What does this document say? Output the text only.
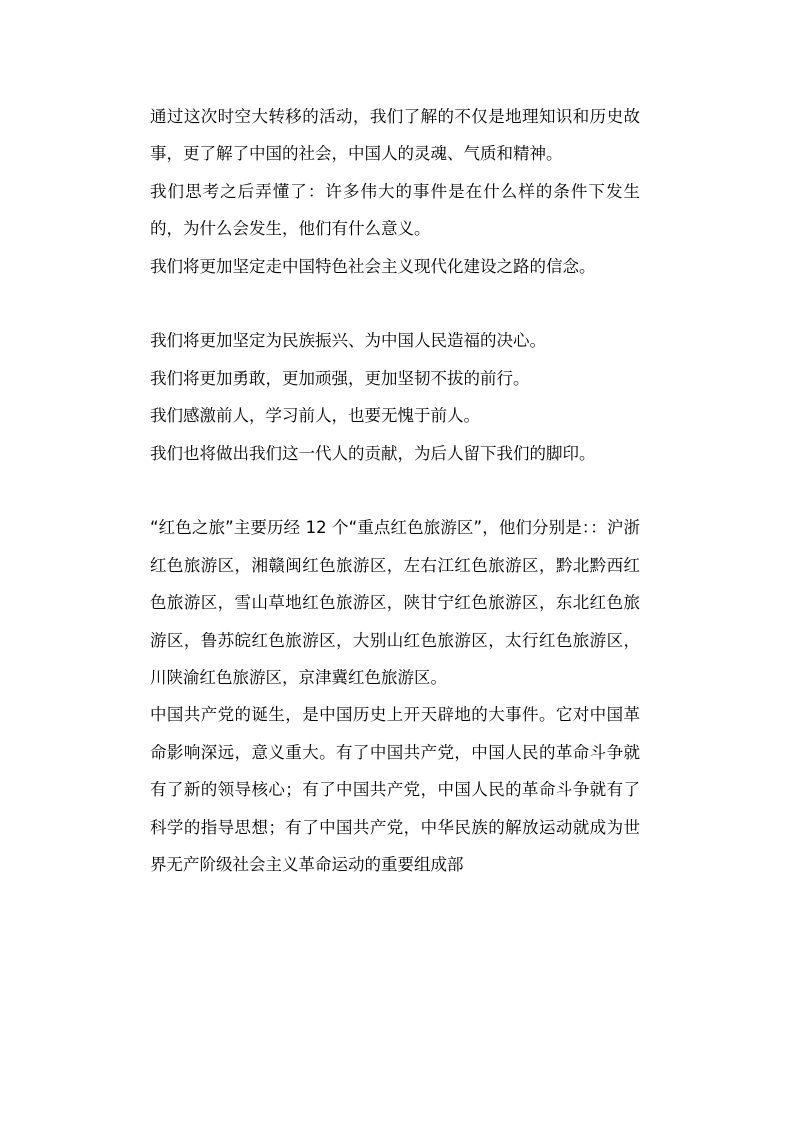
通过这次时空大转移的活动，我们了解的不仅是地理知识和历史故事，更了解了中国的社会，中国人的灵魂、气质和精神。

我们思考之后弄懂了：许多伟大的事件是在什么样的条件下发生的，为什么会发生，他们有什么意义。

我们将更加坚定走中国特色社会主义现代化建设之路的信念。

我们将更加坚定为民族振兴、为中国人民造福的决心。

我们将更加勇敢，更加顽强，更加坚韧不拔的前行。

我们感激前人，学习前人，也要无愧于前人。

我们也将做出我们这一代人的贡献，为后人留下我们的脚印。

“红色之旅”主要历经 12 个“重点红色旅游区”，他们分别是：：沪浙红色旅游区，湘赣闽红色旅游区，左右江红色旅游区，黔北黔西红色旅游区，雪山草地红色旅游区，陕甘宁红色旅游区，东北红色旅游区，鲁苏皖红色旅游区，大别山红色旅游区，太行红色旅游区，川陕渝红色旅游区，京津冀红色旅游区。

中国共产党的诞生，是中国历史上开天辟地的大事件。它对中国革命影响深远，意义重大。有了中国共产党，中国人民的革命斗争就有了新的领导核心；有了中国共产党，中国人民的革命斗争就有了科学的指导思想；有了中国共产党，中华民族的解放运动就成为世界无产阶级社会主义革命运动的重要组成部
